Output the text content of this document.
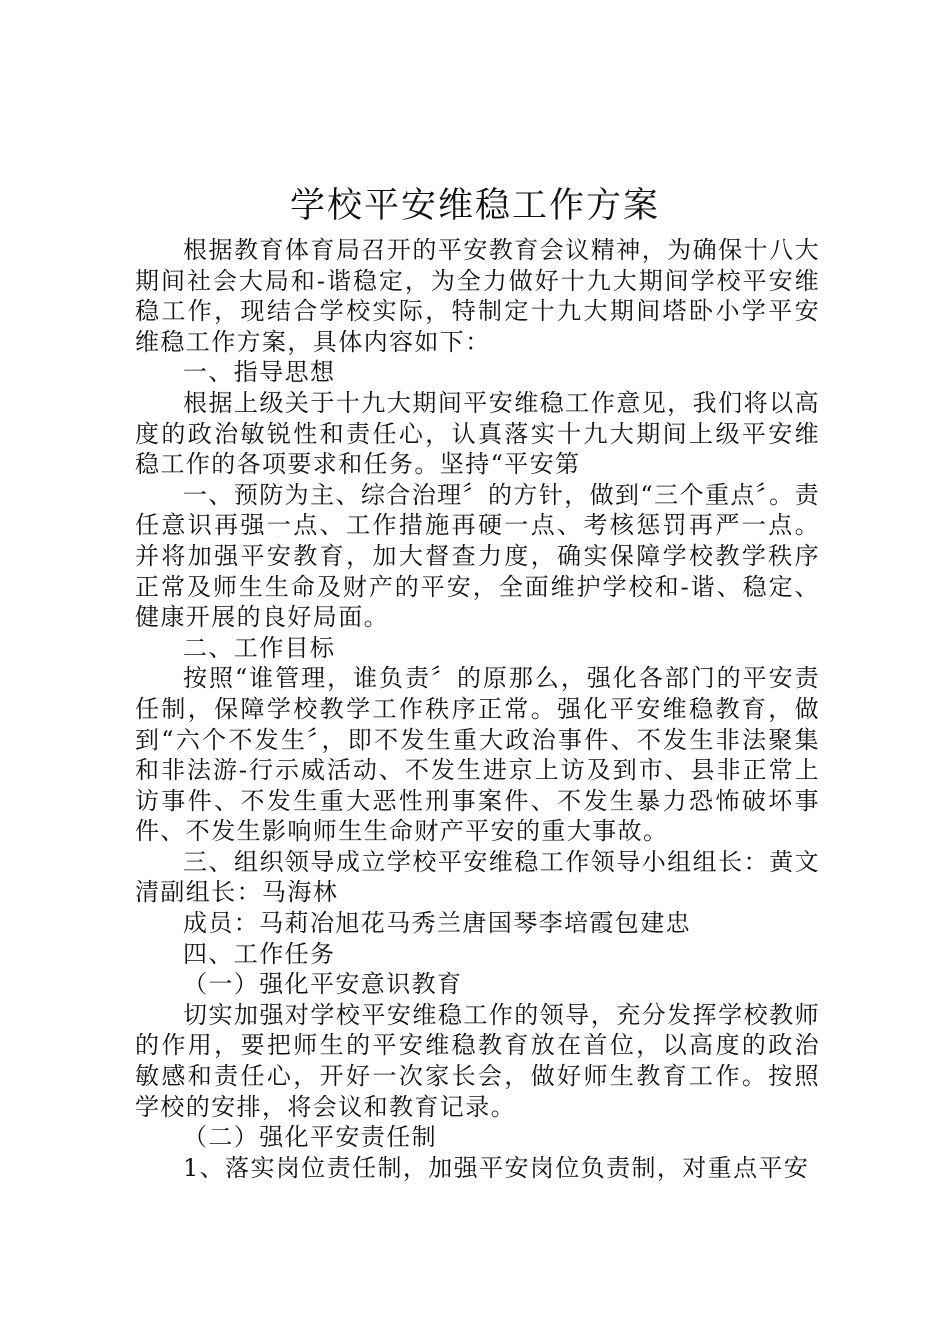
学校平安维稳工作方案

根据教育体育局召开的平安教育会议精神，为确保十八大期间社会大局和-谐稳定，为全力做好十九大期间学校平安维稳工作，现结合学校实际，特制定十九大期间塔卧小学平安维稳工作方案，具体内容如下：

一、指导思想

根据上级关于十九大期间平安维稳工作意见，我们将以高度的政治敏锐性和责任心，认真落实十九大期间上级平安维稳工作的各项要求和任务。坚持“平安第

一、预防为主、综合治理〞的方针，做到“三个重点〞。责任意识再强一点、工作措施再硬一点、考核惩罚再严一点。并将加强平安教育，加大督查力度，确实保障学校教学秩序正常及师生生命及财产的平安，全面维护学校和-谐、稳定、健康开展的良好局面。

二、工作目标

按照“谁管理，谁负责〞的原那么，强化各部门的平安责任制，保障学校教学工作秩序正常。强化平安维稳教育，做到“六个不发生〞，即不发生重大政治事件、不发生非法聚集和非法游-行示威活动、不发生进京上访及到市、县非正常上访事件、不发生重大恶性刑事案件、不发生暴力恐怖破坏事件、不发生影响师生生命财产平安的重大事故。

三、组织领导成立学校平安维稳工作领导小组组长：黄文清副组长：马海林

成员：马莉冶旭花马秀兰唐国琴李培霞包建忠

四、工作任务

（一）强化平安意识教育

切实加强对学校平安维稳工作的领导，充分发挥学校教师的作用，要把师生的平安维稳教育放在首位，以高度的政治敏感和责任心，开好一次家长会，做好师生教育工作。按照学校的安排，将会议和教育记录。

（二）强化平安责任制

1、落实岗位责任制，加强平安岗位负责制，对重点平安
